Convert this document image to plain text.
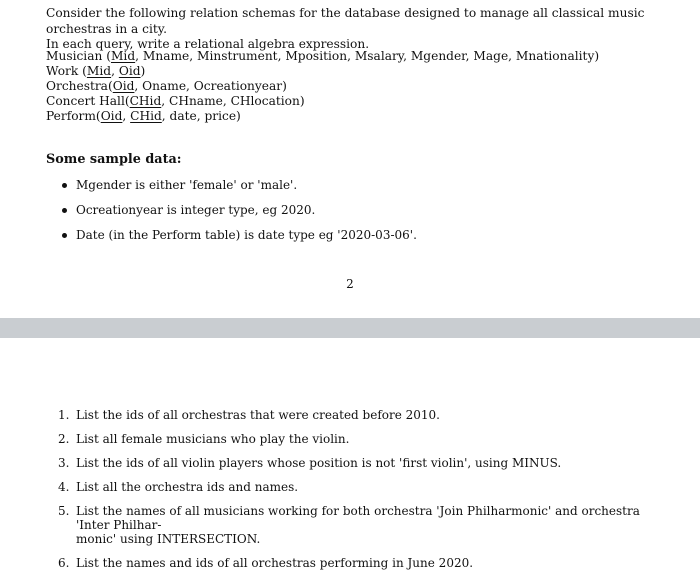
Consider the following relation schemas for the database designed to manage all classical music orchestras in a city.
In each query, write a relational algebra expression.
Musician (Mid, Mname, Minstrument, Mposition, Msalary, Mgender, Mage, Mnationality)
Work (Mid, Oid)
Orchestra(Oid, Oname, Ocreationyear)
Concert Hall(CHid, CHname, CHlocation)
Perform(Oid, CHid, date, price)
Some sample data:
Mgender is either 'female' or 'male'.
Ocreationyear is integer type, eg 2020.
Date (in the Perform table) is date type eg '2020-03-06'.
2
1. List the ids of all orchestras that were created before 2010.
2. List all female musicians who play the violin.
3. List the ids of all violin players whose position is not 'first violin', using MINUS.
4. List all the orchestra ids and names.
5. List the names of all musicians working for both orchestra 'Join Philharmonic' and orchestra 'Inter Philhar-
monic' using INTERSECTION.
6. List the names and ids of all orchestras performing in June 2020.
